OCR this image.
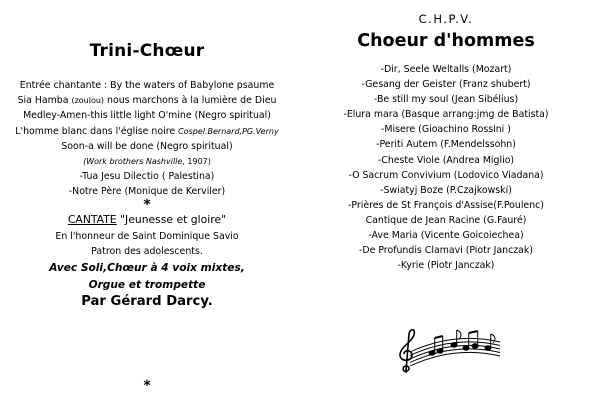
Trini-Chœur
Entrée chantante : By the waters of Babylone psaume
Sia Hamba (zoulou) nous marchons à la lumière de Dieu
Medley-Amen-this little light O'mine (Negro spiritual)
L'homme blanc dans l'église noire Cospel.Bernard,PG.Verny
Soon-a will be done (Negro spiritual)
(Work brothers Nashville, 1907)
-Tua Jesu Dilectio ( Palestina)
-Notre Père (Monique de Kerviler)
*
CANTATE "Jeunesse et gloire"
En l'honneur de Saint Dominique Savio
Patron des adolescents.
Avec Soli,Chœur à 4 voix mixtes,
Orgue et trompette
Par Gérard Darcy.
*
C.H.P.V.
Choeur d'hommes
-Dir, Seele Weltalls (Mozart)
-Gesang der Geister (Franz shubert)
-Be still my soul (Jean Sibélius)
-Elura mara (Basque arrang:jmg de Batista)
-Misere (Gioachino Rossini )
-Periti Autem (F.Mendelssohn)
-Cheste Viole (Andrea Miglio)
-O Sacrum Convivium (Lodovico Viadana)
-Swiatyj Boze (P.Czajkowski)
-Prières de St François d'Assise(F.Poulenc)
Cantique de Jean Racine (G.Fauré)
-Ave Maria (Vicente Goicoiechea)
-De Profundis Clamavi (Piotr Janczak)
-Kyrie (Piotr Janczak)
